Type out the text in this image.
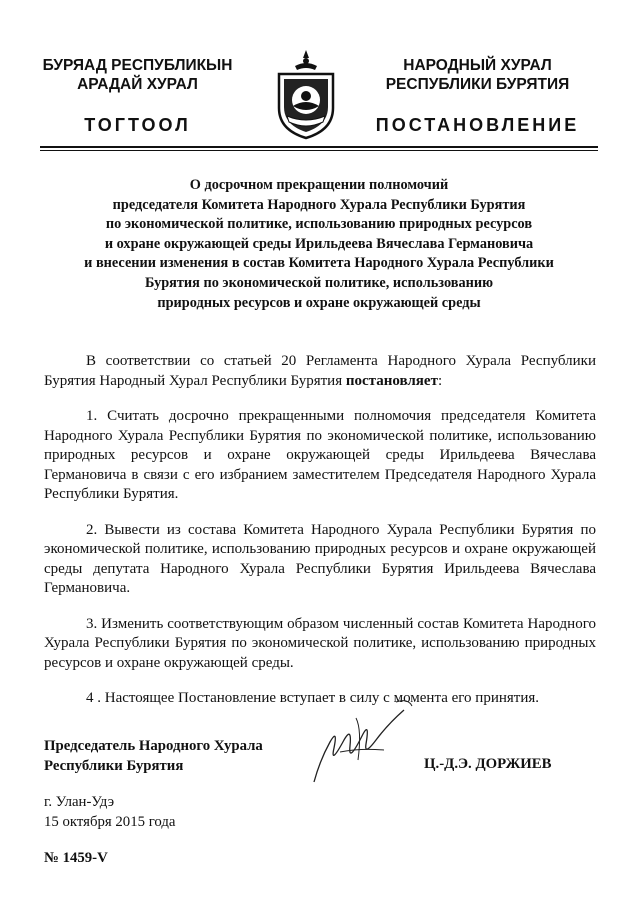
БУРЯАД РЕСПУБЛИКЫН
АРАДАЙ ХУРАЛ
НАРОДНЫЙ ХУРАЛ
РЕСПУБЛИКИ БУРЯТИЯ
ТОГТООЛ	ПОСТАНОВЛЕНИЕ
О досрочном прекращении полномочий
председателя Комитета Народного Хурала Республики Бурятия
по экономической политике, использованию природных ресурсов
и охране окружающей среды Ирильдеева Вячеслава Германовича
и внесении изменения в состав Комитета Народного Хурала Республики
Бурятия по экономической политике, использованию
природных ресурсов и охране окружающей среды

В соответствии со статьей 20 Регламента Народного Хурала Республики Бурятия Народный Хурал Республики Бурятия постановляет:

1. Считать досрочно прекращенными полномочия председателя Комитета Народного Хурала Республики Бурятия по экономической политике, использованию природных ресурсов и охране окружающей среды Ирильдеева Вячеслава Германовича в связи с его избранием заместителем Председателя Народного Хурала Республики Бурятия.

2. Вывести из состава Комитета Народного Хурала Республики Бурятия по экономической политике, использованию природных ресурсов и охране окружающей среды депутата Народного Хурала Республики Бурятия Ирильдеева Вячеслава Германовича.

3. Изменить соответствующим образом численный состав Комитета Народного Хурала Республики Бурятия по экономической политике, использованию природных ресурсов и охране окружающей среды.

4 . Настоящее Постановление вступает в силу с момента его принятия.

Председатель Народного Хурала
Республики Бурятия	Ц.-Д.Э. ДОРЖИЕВ
г. Улан-Удэ
15 октября 2015 года
№ 1459-V
